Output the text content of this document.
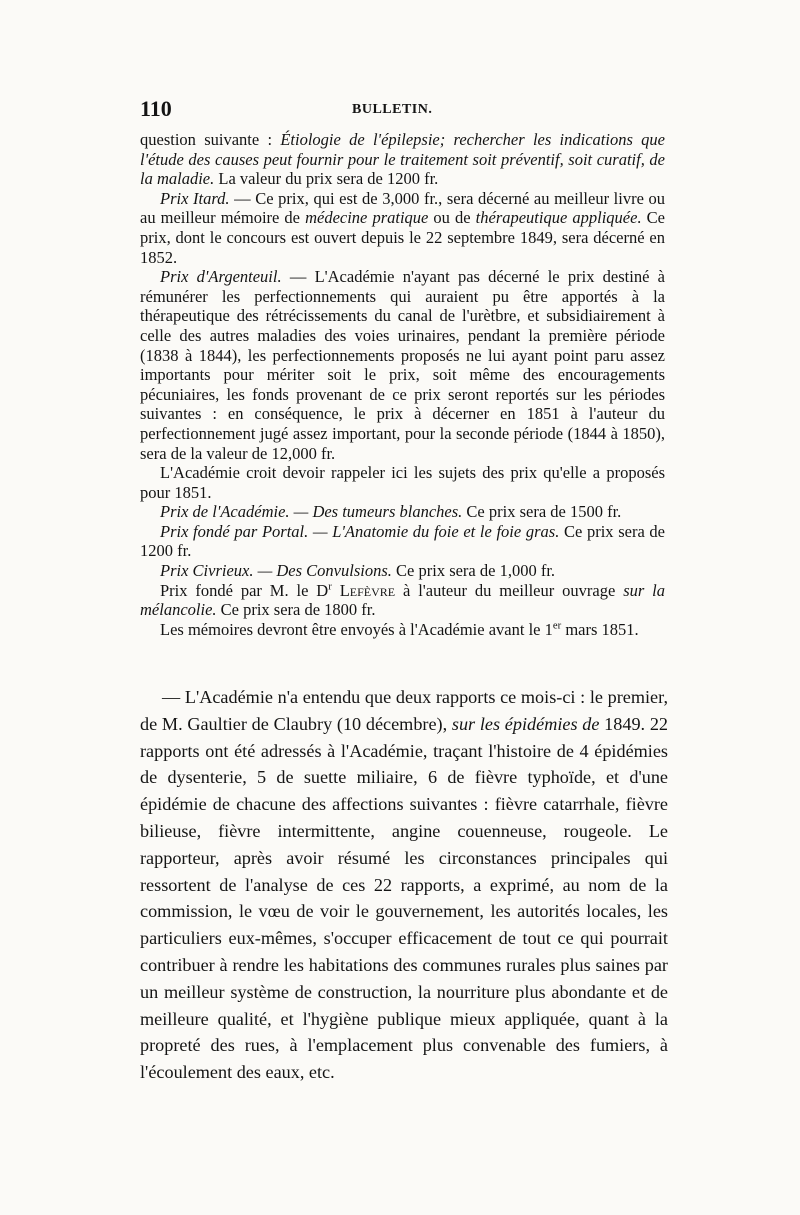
110	BULLETIN.

question suivante : Étiologie de l'épilepsie; rechercher les indications que l'étude des causes peut fournir pour le traitement soit préventif, soit curatif, de la maladie. La valeur du prix sera de 1200 fr.

Prix Itard. — Ce prix, qui est de 3,000 fr., sera décerné au meilleur livre ou au meilleur mémoire de médecine pratique ou de thérapeutique appliquée. Ce prix, dont le concours est ouvert depuis le 22 septembre 1849, sera décerné en 1852.

Prix d'Argenteuil. — L'Académie n'ayant pas décerné le prix destiné à rémunérer les perfectionnements qui auraient pu être apportés à la thérapeutique des rétrécissements du canal de l'urètbre, et subsidiairement à celle des autres maladies des voies urinaires, pendant la première période (1838 à 1844), les perfectionnements proposés ne lui ayant point paru assez importants pour mériter soit le prix, soit même des encouragements pécuniaires, les fonds provenant de ce prix seront reportés sur les périodes suivantes : en conséquence, le prix à décerner en 1851 à l'auteur du perfectionnement jugé assez important, pour la seconde période (1844 à 1850), sera de la valeur de 12,000 fr.

L'Académie croit devoir rappeler ici les sujets des prix qu'elle a proposés pour 1851.

Prix de l'Académie. — Des tumeurs blanches. Ce prix sera de 1500 fr.

Prix fondé par Portal. — L'Anatomie du foie et le foie gras. Ce prix sera de 1200 fr.

Prix Civrieux. — Des Convulsions. Ce prix sera de 1,000 fr.

Prix fondé par M. le $D^r$ Lefèvre à l'auteur du meilleur ouvrage sur la mélancolie. Ce prix sera de 1800 fr.

Les mémoires devront être envoyés à l'Académie avant le 1er mars 1851.

— L'Académie n'a entendu que deux rapports ce mois-ci : le premier, de M. Gaultier de Claubry (10 décembre), sur les épidémies de 1849. 22 rapports ont été adressés à l'Académie, traçant l'histoire de 4 épidémies de dysenterie, 5 de suette miliaire, 6 de fièvre typhoïde, et d'une épidémie de chacune des affections suivantes : fièvre catarrhale, fièvre bilieuse, fièvre intermittente, angine couenneuse, rougeole. Le rapporteur, après avoir résumé les circonstances principales qui ressortent de l'analyse de ces 22 rapports, a exprimé, au nom de la commission, le vœu de voir le gouvernement, les autorités locales, les particuliers eux-mêmes, s'occuper efficacement de tout ce qui pourrait contribuer à rendre les habitations des communes rurales plus saines par un meilleur système de construction, la nourriture plus abondante et de meilleure qualité, et l'hygiène publique mieux appliquée, quant à la propreté des rues, à l'emplacement plus convenable des fumiers, à l'écoulement des eaux, etc.
